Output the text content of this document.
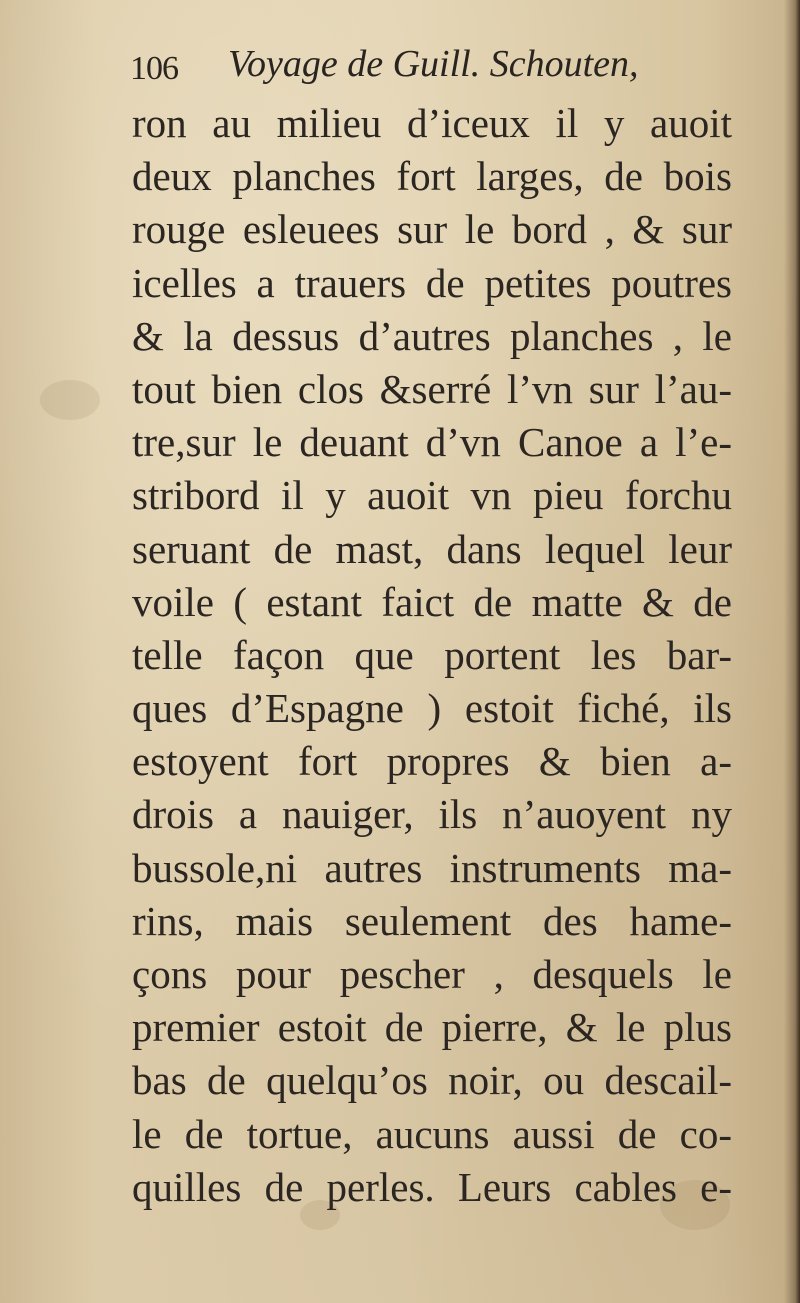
106 Voyage de Guill. Schouten,
ron au milieu d’iceux il y auoit
deux planches fort larges, de bois
rouge esleuees sur le bord , & sur
icelles a trauers de petites poutres
& la dessus d’autres planches , le
tout bien clos &serré l’vn sur l’au-
tre,sur le deuant d’vn Canoe a l’e-
stribord il y auoit vn pieu forchu
seruant de mast, dans lequel leur
voile ( estant faict de matte & de
telle façon que portent les bar-
ques d’Espagne ) estoit fiché, ils
estoyent fort propres & bien a-
drois a nauiger, ils n’auoyent ny
bussole,ni autres instruments ma-
rins, mais seulement des hame-
çons pour pescher , desquels le
premier estoit de pierre, & le plus
bas de quelqu’os noir, ou descail-
le de tortue, aucuns aussi de co-
quilles de perles. Leurs cables e-
